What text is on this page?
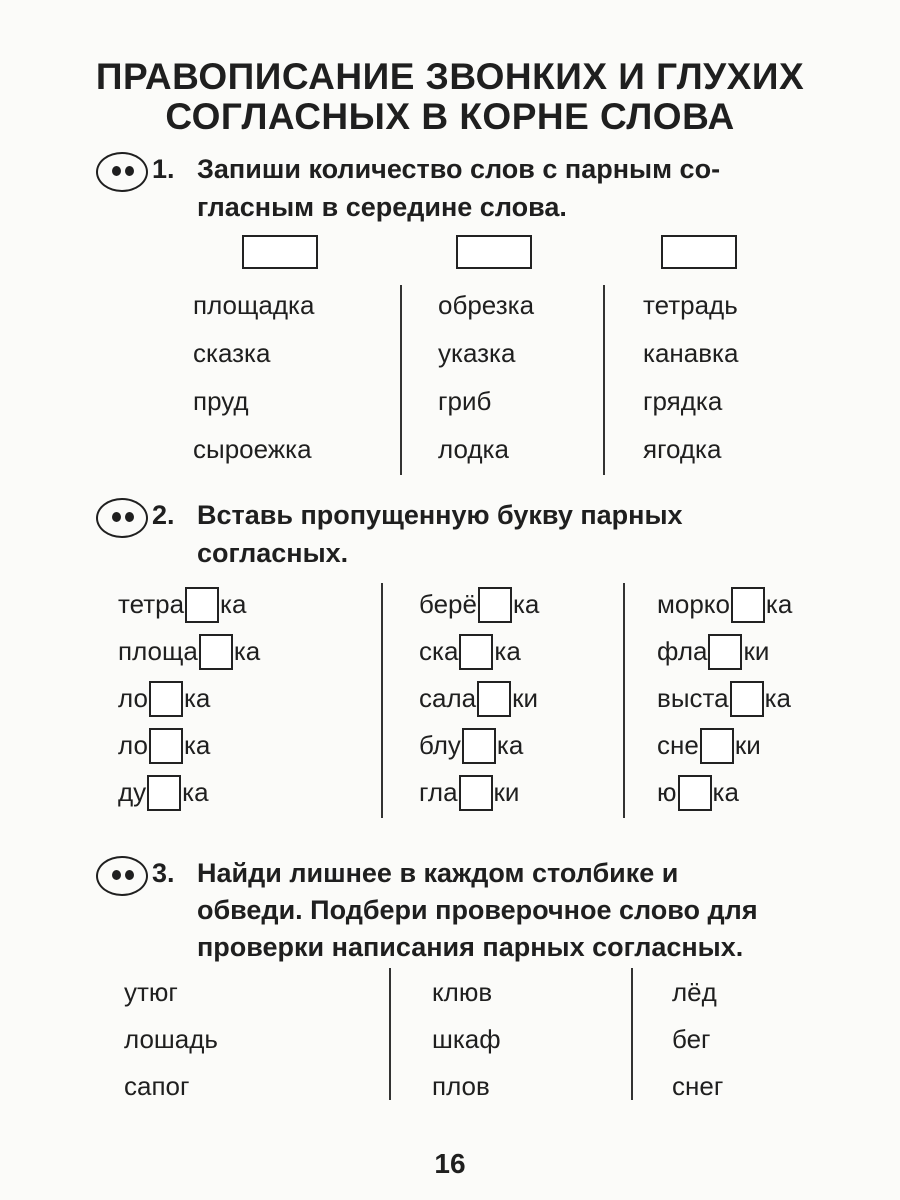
ПРАВОПИСАНИЕ ЗВОНКИХ И ГЛУХИХ
СОГЛАСНЫХ В КОРНЕ СЛОВА
1. Запиши количество слов с парным со-
гласным в середине слова.
площадка
сказка
пруд
сыроежка
обрезка
указка
гриб
лодка
тетрадь
канавка
грядка
ягодка
2. Вставь пропущенную букву парных
согласных.
тетра ка
площа ка
ло ка
ло ка
ду ка
берё ка
ска ка
сала ки
блу ка
гла ки
морко ка
фла ки
выста ка
сне ки
ю ка
3. Найди лишнее в каждом столбике и
обведи. Подбери проверочное слово для
проверки написания парных согласных.
утюг
лошадь
сапог
клюв
шкаф
плов
лёд
бег
снег
16
